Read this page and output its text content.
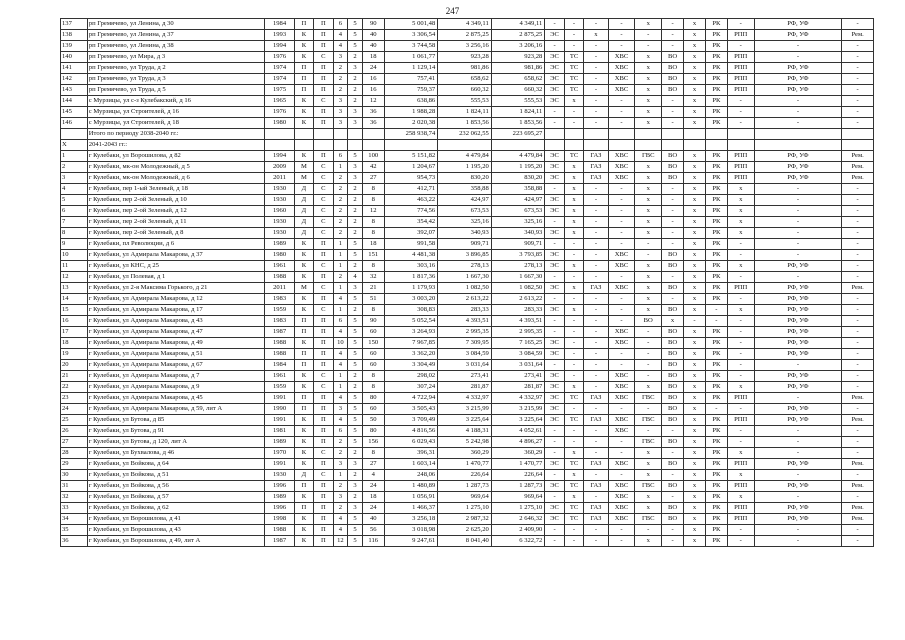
247
137	рп Гремячево, ул Ленина, д 30	1984	П	П	6	5	90	5 001,48	4 349,11	4 349,11	-	-	-	-	х	-	х	РК	-	РФ, УФ	-
138	рп Гремячево, ул Ленина, д 37	1993	К	П	4	5	40	3 306,54	2 875,25	2 875,25	ЭС	-	х	-	-	-	х	РК	РПП	РФ, УФ	Рем.
139	рп Гремячево, ул Ленина, д 38	1994	К	П	4	5	40	3 744,58	3 256,16	3 206,16	-	-	-	-	-	-	х	РК	-	-	-
140	рп Гремячево, ул Мира, д 3	1976	К	С	3	2	18	1 061,77	923,28	923,28	ЭС	ТС	-	ХВС	х	ВО	х	РК	РПП	-	-
141	рп Гремячево, ул Труда, д 2	1974	П	П	2	3	24	1 129,14	981,86	981,86	ЭС	ТС	-	ХВС	х	ВО	х	РК	РПП	РФ, УФ	-
142	рп Гремячево, ул Труда, д 3	1974	П	П	2	2	16	757,41	658,62	658,62	ЭС	ТС	-	ХВС	х	ВО	х	РК	РПП	РФ, УФ	-
143	рп Гремячево, ул Труда, д 5	1975	П	П	2	2	16	759,37	660,32	660,32	ЭС	ТС	-	ХВС	х	ВО	х	РК	РПП	РФ, УФ	-
144	с Мурзицы, ул с-з Кулебакский, д 16	1965	К	С	3	2	12	638,86	555,53	555,53	ЭС	х	-	-	х	-	х	РК	-	-	-
145	с Мурзицы, ул Строителей, д 16	1976	К	П	3	3	36	1 988,28	1 824,11	1 824,11	-	-	-	-	х	-	х	РК	-	-	-
146	с Мурзицы, ул Строителей, д 18	1980	К	П	3	3	36	2 020,38	1 853,56	1 853,56	-	-	-	-	х	-	х	РК	-	-	-
	Итого по периоду 2038-2040 гг.:							258 938,74	232 062,55	223 695,27											
Х	2041-2043 гг.:																				
1	г Кулебаки, ул Ворошилова, д 82	1994	К	П	6	5	100	5 151,82	4 479,84	4 479,84	ЭС	ТС	ГАЗ	ХВС	ГВС	ВО	х	РК	РПП	РФ, УФ	Рем.
2	г Кулебаки, мк-он Молодежный, д 5	2009	М	С	1	3	42	1 204,67	1 195,20	1 195,20	ЭС	х	ГАЗ	ХВС	х	ВО	х	РК	РПП	РФ, УФ	Рем.
3	г Кулебаки, мк-он Молодежный, д 6	2011	М	С	2	3	27	954,73	830,20	830,20	ЭС	х	ГАЗ	ХВС	х	ВО	х	РК	РПП	РФ, УФ	Рем.
4	г Кулебаки, пер 1-ый Зеленый, д 18	1930	Д	С	2	2	8	412,71	358,88	358,88	-	х	-	-	х	-	х	РК	х	-	-
5	г Кулебаки, пер 2-ой Зеленый, д 10	1930	Д	С	2	2	8	463,22	424,97	424,97	ЭС	х	-	-	х	-	х	РК	х	-	-
6	г Кулебаки, пер 2-ой Зеленый, д 12	1960	Д	С	2	2	12	774,56	673,53	673,53	ЭС	х	-	-	х	-	х	РК	х	-	-
7	г Кулебаки, пер 2-ой Зеленый, д 11	1930	Д	С	2	2	8	354,42	325,16	325,16	-	х	-	-	х	-	х	РК	х	-	-
8	г Кулебаки, пер 2-ой Зеленый, д 8	1930	Д	С	2	2	8	392,07	340,93	340,93	ЭС	х	-	-	х	-	х	РК	х	-	-
9	г Кулебаки, пл Революции, д 6	1989	К	П	1	5	18	991,58	909,71	909,71	-	-	-	-	-	-	х	РК	-	-	-
10	г Кулебаки, ул Адмирала Макарова, д 37	1980	К	П	1	5	151	4 481,38	3 896,85	3 793,85	ЭС	-	-	ХВС	-	ВО	х	РК	-	-	-
11	г Кулебаки, ул КНС, д 25	1961	К	С	1	2	8	303,16	278,13	278,13	ЭС	х	-	ХВС	х	ВО	х	РК	х	РФ, УФ	-
12	г Кулебаки, ул Полевая, д 1	1988	К	П	2	4	32	1 817,36	1 667,30	1 667,30	-	-	-	-	х	-	х	РК	-	-	-
13	г Кулебаки, ул 2-я Максима Горького, д 21	2011	М	С	1	3	21	1 179,93	1 082,50	1 082,50	ЭС	х	ГАЗ	ХВС	х	ВО	х	РК	РПП	РФ, УФ	Рем.
14	г Кулебаки, ул Адмирала Макарова, д 12	1983	К	П	4	5	51	3 003,20	2 613,22	2 613,22	-	-	-	-	х	-	х	РК	-	РФ, УФ	-
15	г Кулебаки, ул Адмирала Макарова, д 17	1959	К	С	1	2	8	308,83	283,33	283,33	ЭС	х	-	-	х	ВО	х	-	х	РФ, УФ	-
16	г Кулебаки, ул Адмирала Макарова, д 43	1983	П	П	6	5	90	5 052,54	4 393,51	4 393,51	-	-	-	-	ВО	х	-	-	-	РФ, УФ	-
17	г Кулебаки, ул Адмирала Макарова, д 47	1987	П	П	4	5	60	3 264,93	2 995,35	2 995,35	-	-	-	ХВС	-	ВО	х	РК	-	РФ, УФ	-
18	г Кулебаки, ул Адмирала Макарова, д 49	1988	К	П	10	5	150	7 967,85	7 309,95	7 165,25	ЭС	-	-	ХВС	-	ВО	х	РК	-	РФ, УФ	-
19	г Кулебаки, ул Адмирала Макарова, д 51	1988	П	П	4	5	60	3 362,20	3 084,59	3 084,59	ЭС	-	-	-	-	ВО	х	РК	-	РФ, УФ	-
20	г Кулебаки, ул Адмирала Макарова, д 67	1984	П	П	4	5	60	3 304,49	3 031,64	3 031,64	-	-	-	-	-	ВО	х	РК	-	-	-
21	г Кулебаки, ул Адмирала Макарова, д 7	1961	К	С	1	2	8	298,02	273,41	273,41	ЭС	-	-	ХВС	-	ВО	х	РК	-	РФ, УФ	-
22	г Кулебаки, ул Адмирала Макарова, д 9	1959	К	С	1	2	8	307,24	281,87	281,87	ЭС	х	-	ХВС	х	ВО	х	РК	х	РФ, УФ	-
23	г Кулебаки, ул Адмирала Макарова, д 45	1991	П	П	4	5	80	4 722,94	4 332,97	4 332,97	ЭС	ТС	ГАЗ	ХВС	ГВС	ВО	х	РК	РПП	-	Рем.
24	г Кулебаки, ул Адмирала Макарова, д 59, лит А	1990	П	П	3	5	60	3 505,43	3 215,99	3 215,99	ЭС	-	-	-	-	ВО	х	-	-	РФ, УФ	-
25	г Кулебаки, ул Бутова, д 85	1991	К	П	4	5	50	3 709,49	3 225,64	3 225,64	ЭС	ТС	ГАЗ	ХВС	ГВС	ВО	х	РК	РПП	РФ, УФ	Рем.
26	г Кулебаки, ул Бутова, д 91	1981	К	П	6	5	80	4 816,56	4 188,31	4 052,61	-	-	-	ХВС	-	-	х	РК	-	-	-
27	г Кулебаки, ул Бутова, д 120, лит А	1989	К	П	2	5	156	6 029,43	5 242,98	4 896,27	-	-	-	-	ГВС	ВО	х	РК	-	-	-
28	г Кулебаки, ул Бухвалова, д 46	1970	К	С	2	2	8	396,31	360,29	360,29	-	х	-	-	х	-	х	РК	х	-	-
29	г Кулебаки, ул Войкова, д 64	1991	К	П	3	3	27	1 603,14	1 470,77	1 470,77	ЭС	ТС	ГАЗ	ХВС	х	ВО	х	РК	РПП	РФ, УФ	Рем.
30	г Кулебаки, ул Войкова, д 51	1930	Д	С	1	2	4	248,06	226,64	226,64	-	х	-	-	х	-	х	РК	х	-	-
31	г Кулебаки, ул Войкова, д 56	1996	П	П	2	3	24	1 480,89	1 287,73	1 287,73	ЭС	ТС	ГАЗ	ХВС	ГВС	ВО	х	РК	РПП	РФ, УФ	Рем.
32	г Кулебаки, ул Войкова, д 57	1989	К	П	3	2	18	1 056,91	969,64	969,64	-	х	-	ХВС	х	-	х	РК	х	-	-
33	г Кулебаки, ул Войкова, д 62	1996	П	П	2	3	24	1 466,37	1 275,10	1 275,10	ЭС	ТС	ГАЗ	ХВС	х	ВО	х	РК	РПП	РФ, УФ	Рем.
34	г Кулебаки, ул Ворошилова, д 41	1998	К	П	4	5	40	3 256,18	2 987,32	2 646,32	ЭС	ТС	ГАЗ	ХВС	ГВС	ВО	х	РК	РПП	РФ, УФ	Рем.
35	г Кулебаки, ул Ворошилова, д 43	1988	К	П	4	5	56	3 018,98	2 625,20	2 409,90	-	-	-	-	-	-	х	РК	-	-	-
36	г Кулебаки, ул Ворошилова, д 49, лит А	1987	К	П	12	5	116	9 247,61	8 041,40	6 322,72	-	-	-	-	х	-	х	РК	-	-	-
